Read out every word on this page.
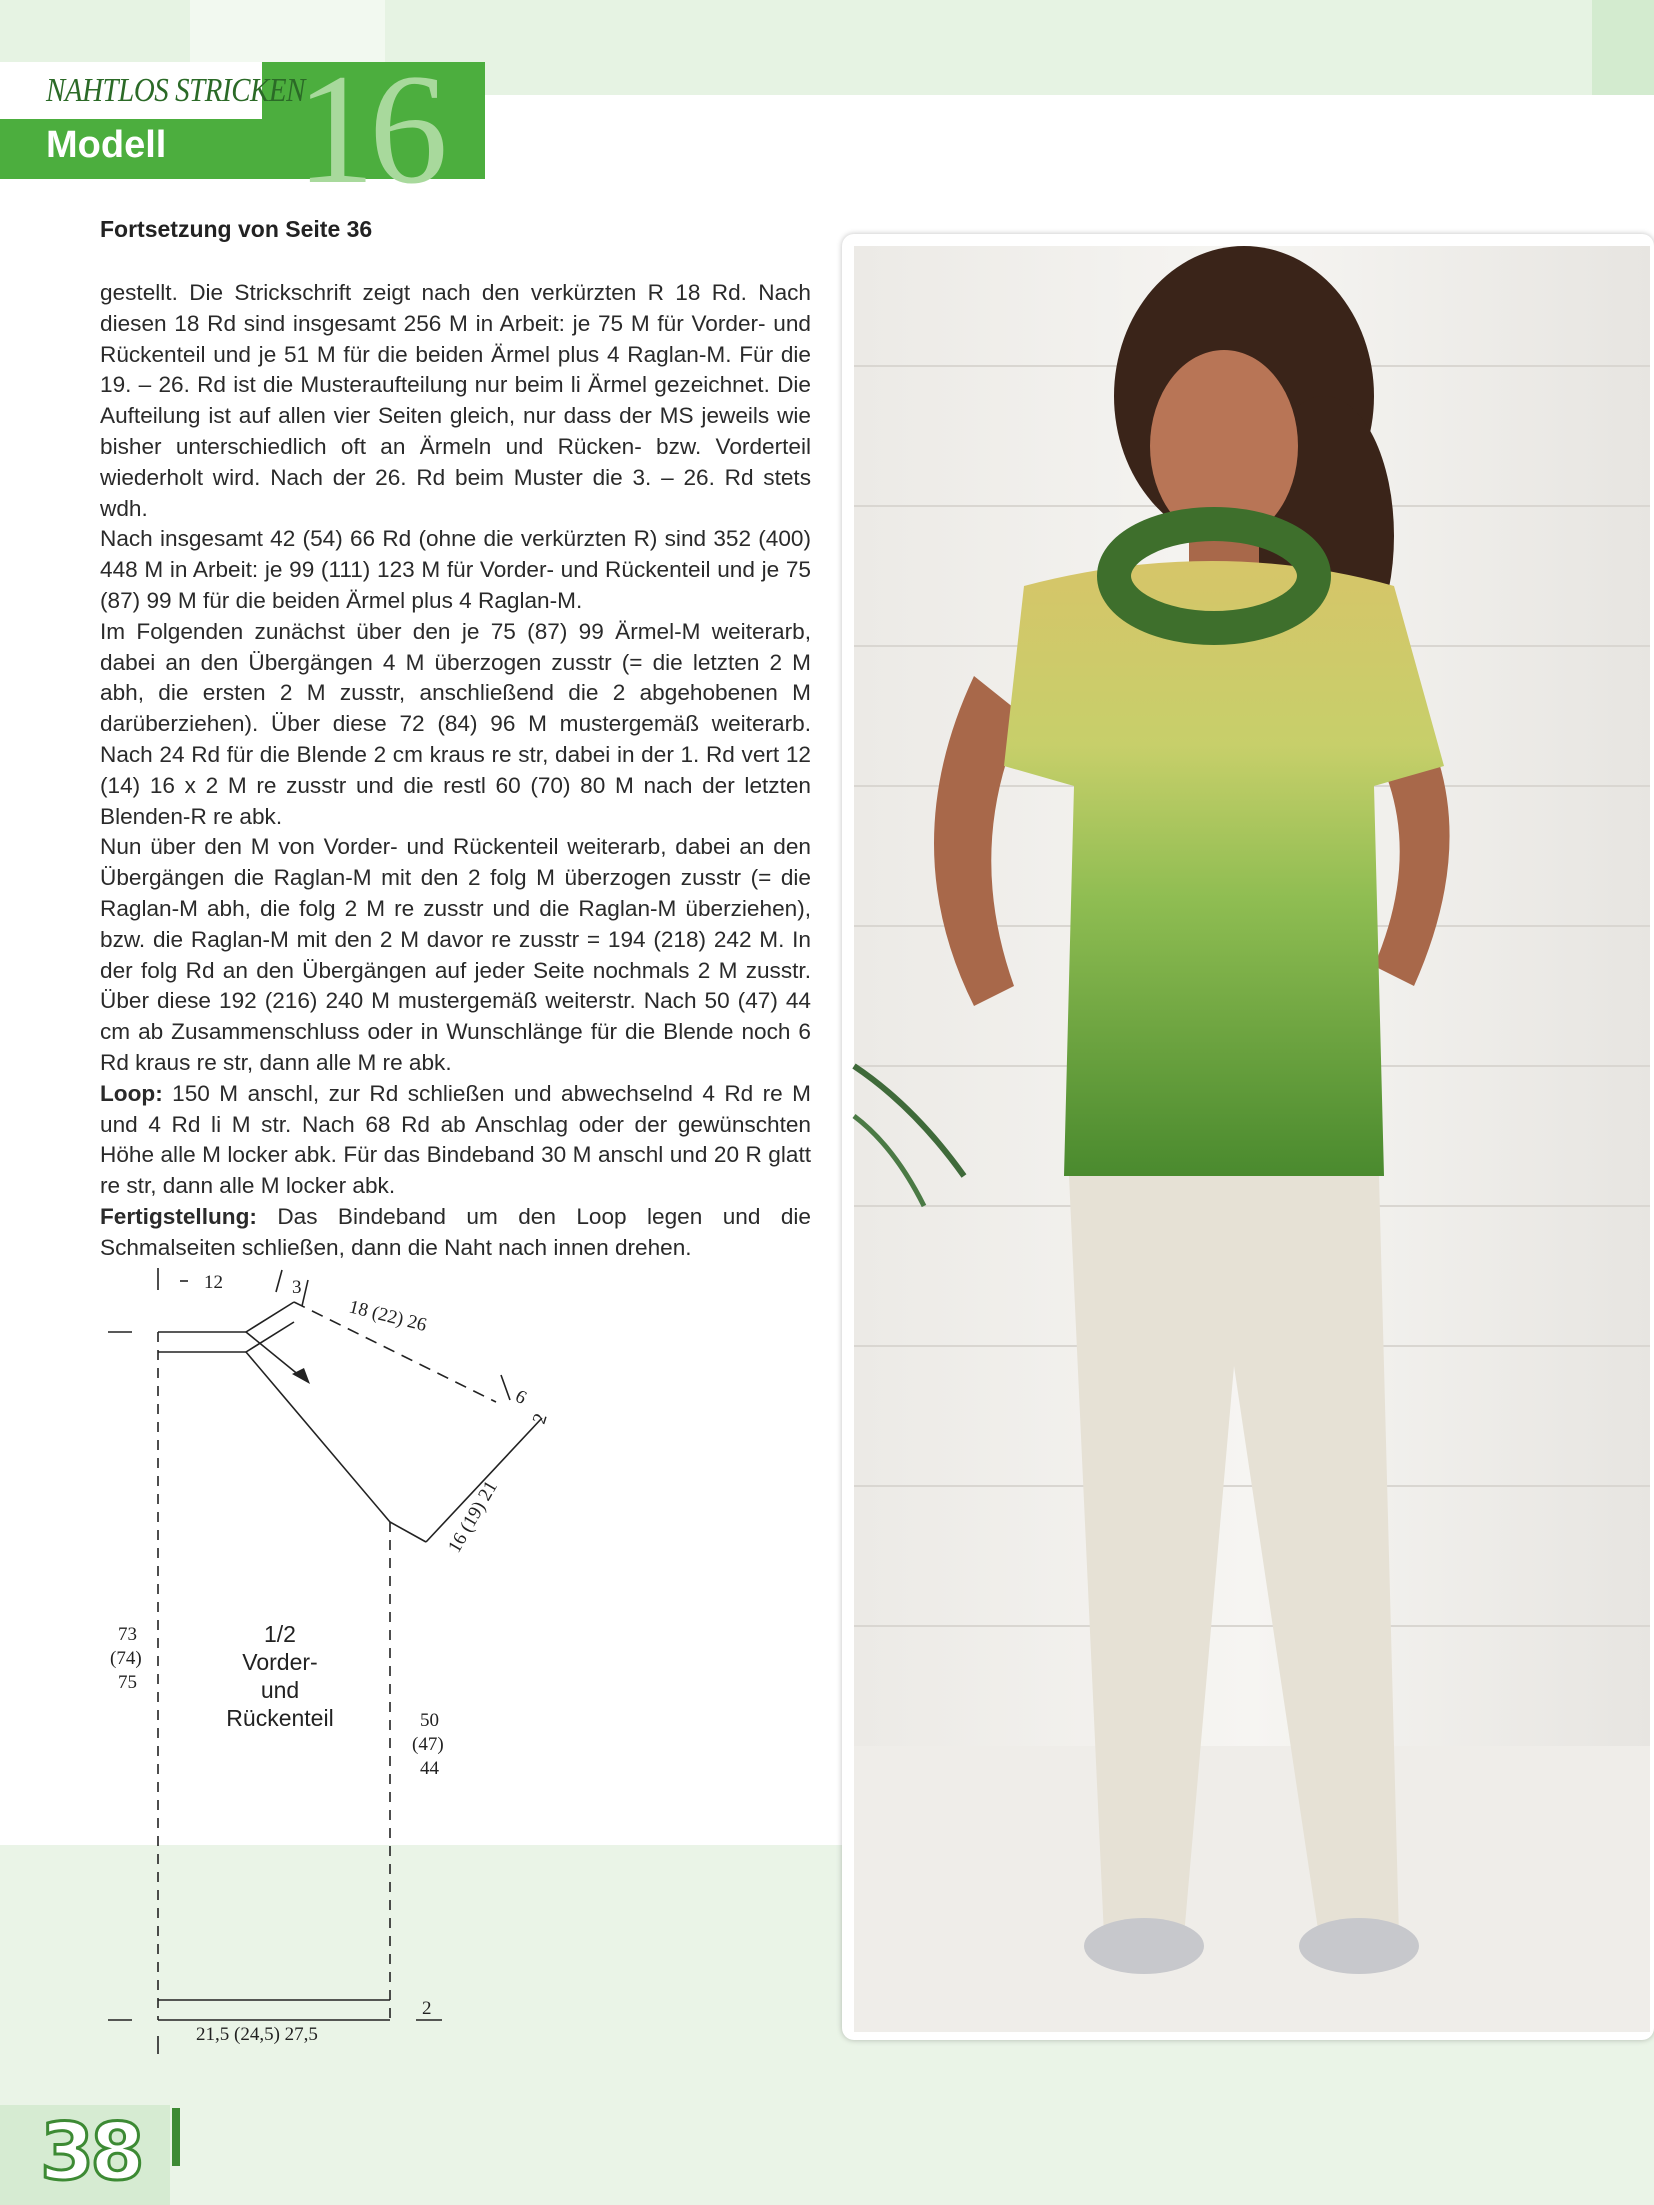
NAHTLOS STRICKEN
Modell 16
Fortsetzung von Seite 36

gestellt. Die Strickschrift zeigt nach den verkürzten R 18 Rd. Nach diesen 18 Rd sind insgesamt 256 M in Arbeit: je 75 M für Vorder- und Rückenteil und je 51 M für die beiden Ärmel plus 4 Raglan-M. Für die 19. – 26. Rd ist die Musteraufteilung nur beim li Ärmel gezeichnet. Die Aufteilung ist auf allen vier Seiten gleich, nur dass der MS jeweils wie bisher unterschiedlich oft an Ärmeln und Rücken- bzw. Vorderteil wiederholt wird. Nach der 26. Rd beim Muster die 3. – 26. Rd stets wdh.

Nach insgesamt 42 (54) 66 Rd (ohne die verkürzten R) sind 352 (400) 448 M in Arbeit: je 99 (111) 123 M für Vorder- und Rückenteil und je 75 (87) 99 M für die beiden Ärmel plus 4 Raglan-M.

Im Folgenden zunächst über den je 75 (87) 99 Ärmel-M weiterarb, dabei an den Übergängen 4 M überzogen zusstr (= die letzten 2 M abh, die ersten 2 M zusstr, anschließend die 2 abgehobenen M darüberziehen). Über diese 72 (84) 96 M mustergemäß weiterarb. Nach 24 Rd für die Blende 2 cm kraus re str, dabei in der 1. Rd vert 12 (14) 16 x 2 M re zusstr und die restl 60 (70) 80 M nach der letzten Blenden-R re abk.

Nun über den M von Vorder- und Rückenteil weiterarb, dabei an den Übergängen die Raglan-M mit den 2 folg M überzogen zusstr (= die Raglan-M abh, die folg 2 M re zusstr und die Raglan-M überziehen), bzw. die Raglan-M mit den 2 M davor re zusstr = 194 (218) 242 M. In der folg Rd an den Übergängen auf jeder Seite nochmals 2 M zusstr. Über diese 192 (216) 240 M mustergemäß weiterstr. Nach 50 (47) 44 cm ab Zusammenschluss oder in Wunschlänge für die Blende noch 6 Rd kraus re str, dann alle M re abk.

Loop: 150 M anschl, zur Rd schließen und abwechselnd 4 Rd re M und 4 Rd li M str. Nach 68 Rd ab Anschlag oder der gewünschten Höhe alle M locker abk. Für das Bindeband 30 M anschl und 20 R glatt re str, dann alle M locker abk.

Fertigstellung: Das Bindeband um den Loop legen und die Schmalseiten schließen, dann die Naht nach innen drehen.

12	3
18 (22) 26
6
2
16 (19) 21
73
(74)
75
1/2
Vorder-
und
Rückenteil	50
(47)
44
2
21,5 (24,5) 27,5
38
